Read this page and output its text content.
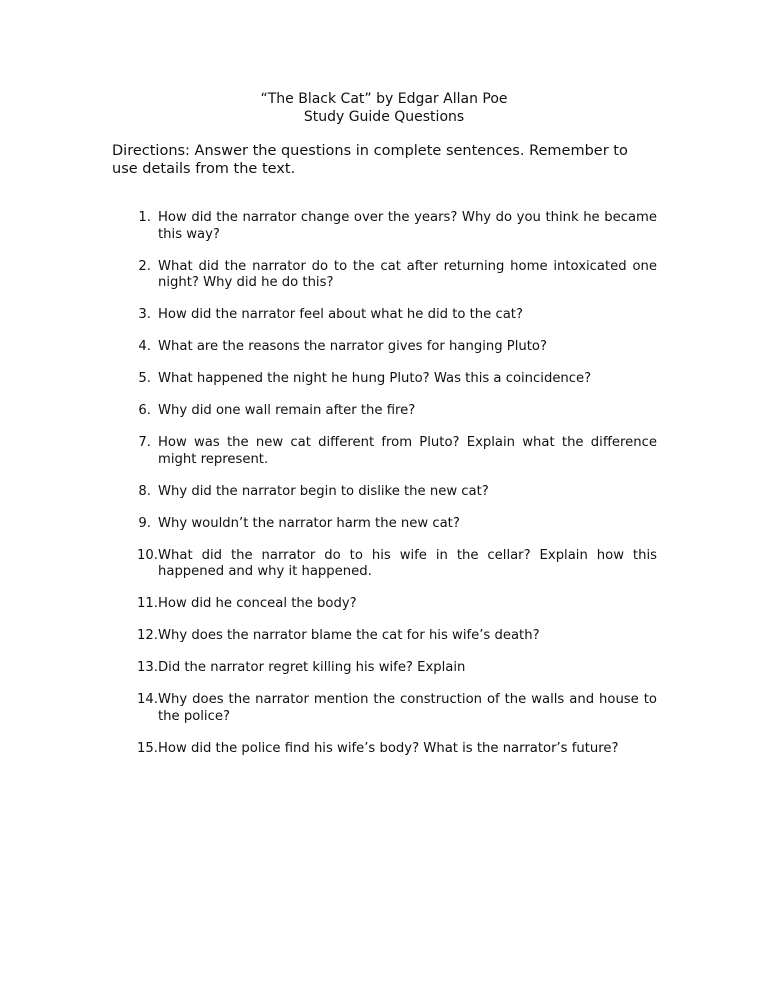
“The Black Cat” by Edgar Allan Poe
Study Guide Questions
Directions: Answer the questions in complete sentences. Remember to use details from the text.
1. How did the narrator change over the years? Why do you think he became this way?
2. What did the narrator do to the cat after returning home intoxicated one night? Why did he do this?
3. How did the narrator feel about what he did to the cat?
4. What are the reasons the narrator gives for hanging Pluto?
5. What happened the night he hung Pluto? Was this a coincidence?
6. Why did one wall remain after the fire?
7. How was the new cat different from Pluto? Explain what the difference might represent.
8. Why did the narrator begin to dislike the new cat?
9. Why wouldn’t the narrator harm the new cat?
10. What did the narrator do to his wife in the cellar? Explain how this happened and why it happened.
11. How did he conceal the body?
12. Why does the narrator blame the cat for his wife’s death?
13. Did the narrator regret killing his wife? Explain
14. Why does the narrator mention the construction of the walls and house to the police?
15. How did the police find his wife’s body? What is the narrator’s future?
